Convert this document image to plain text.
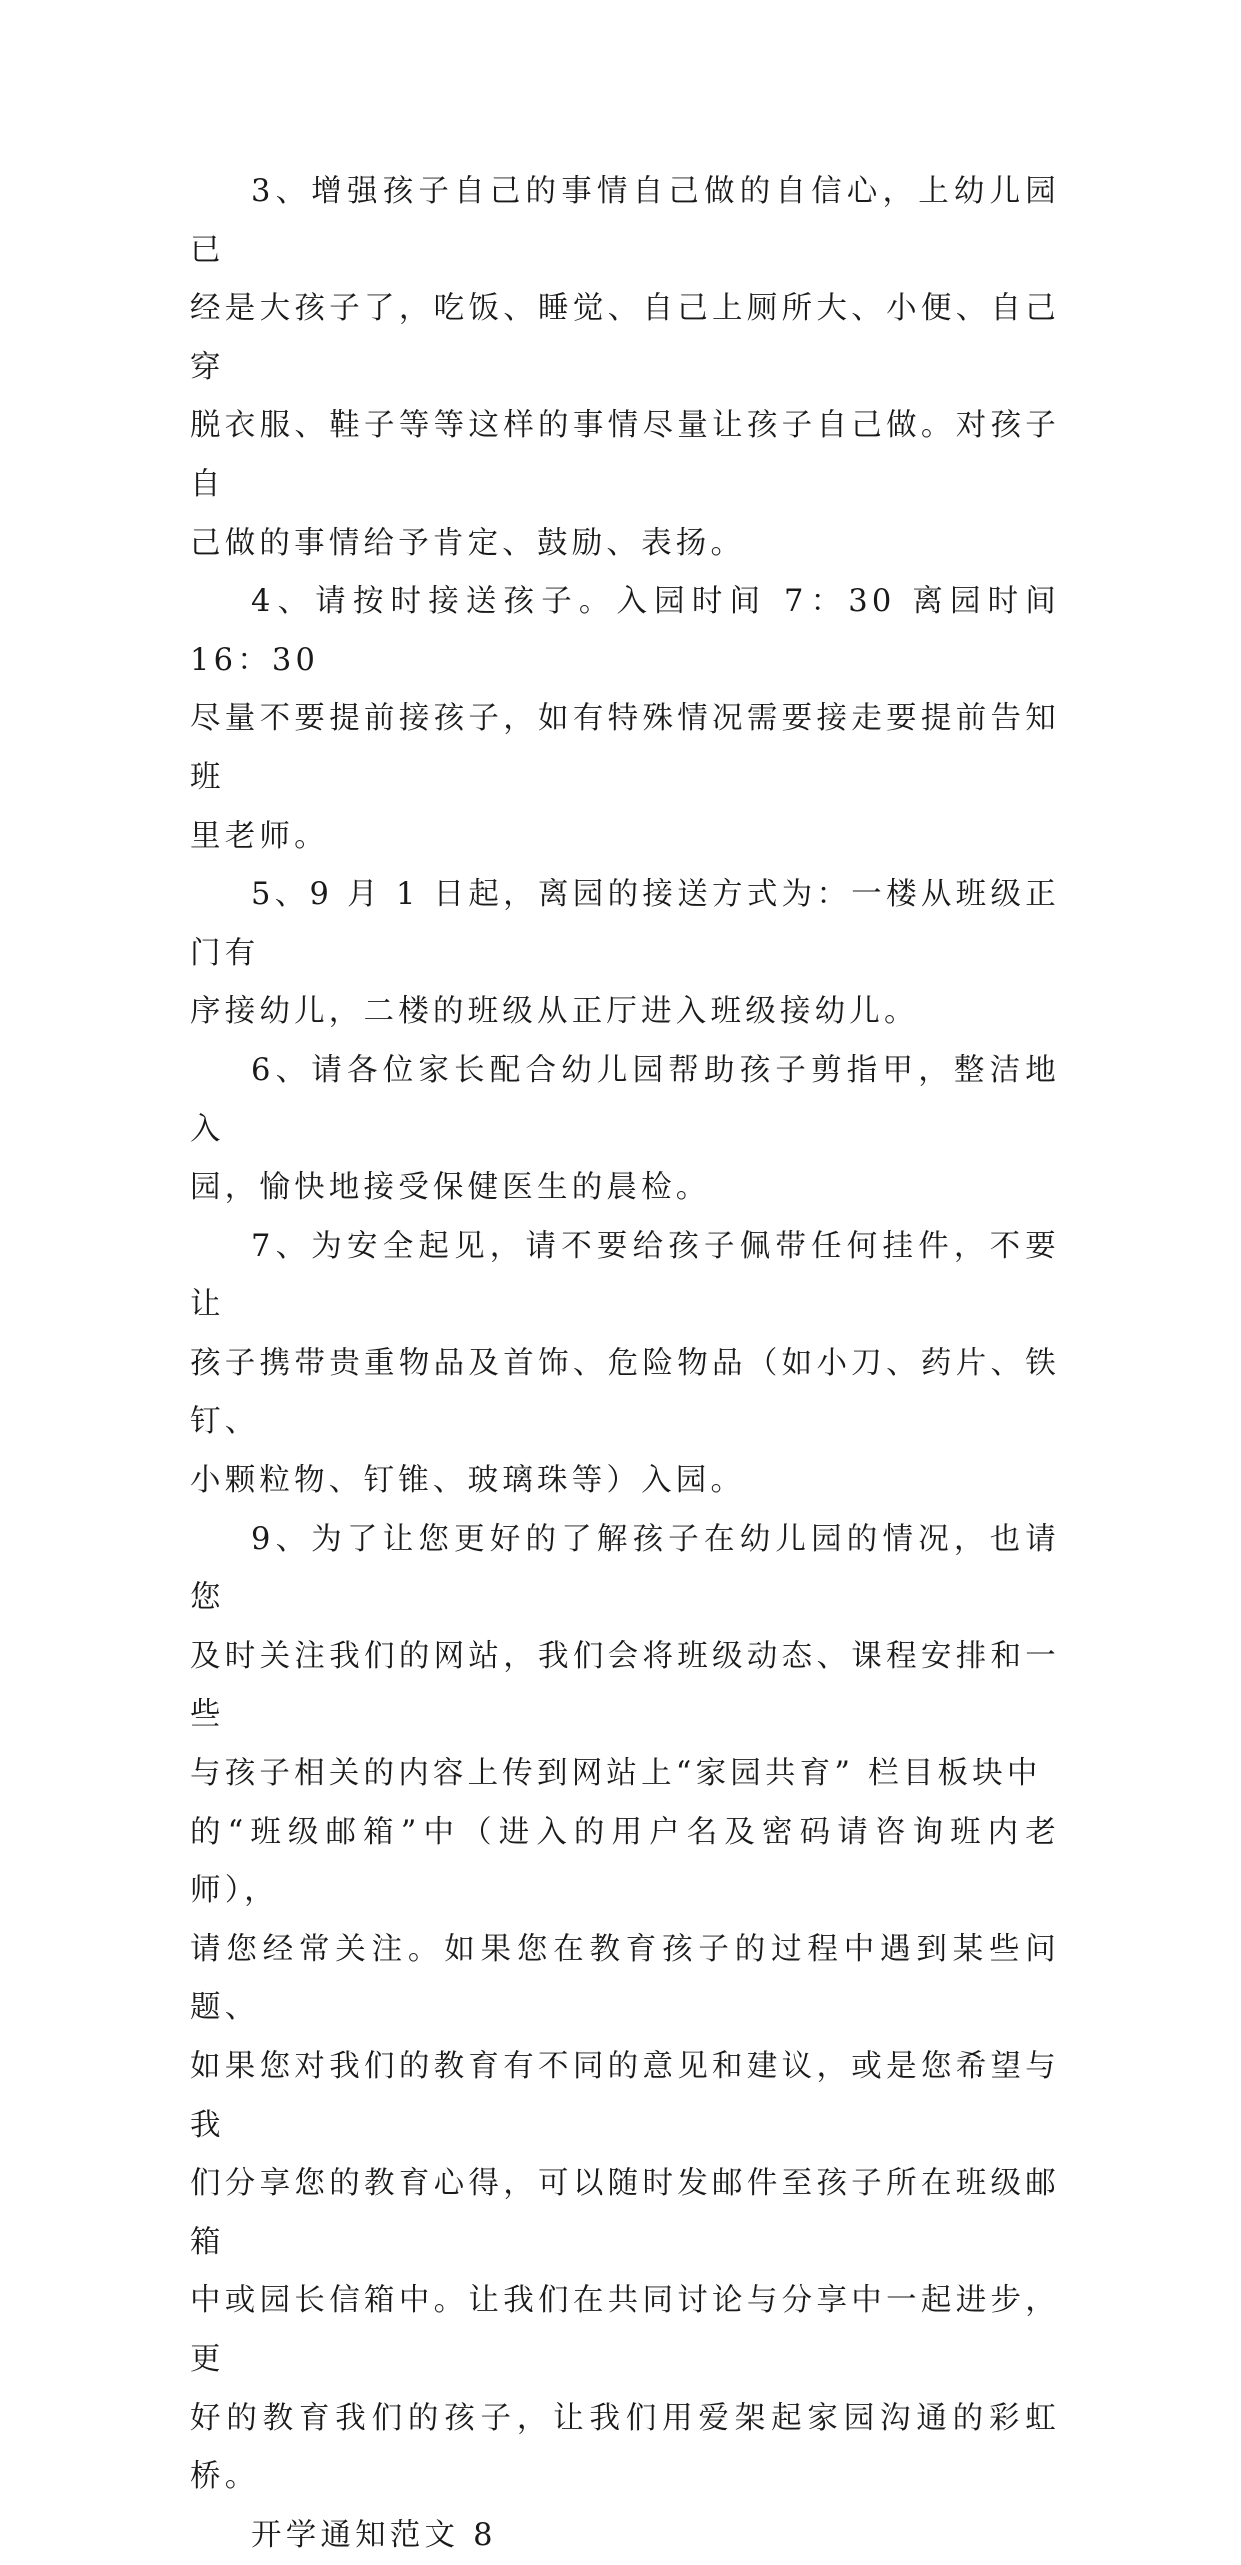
3、增强孩子自己的事情自己做的自信心，上幼儿园已
经是大孩子了，吃饭、睡觉、自己上厕所大、小便、自己穿
脱衣服、鞋子等等这样的事情尽量让孩子自己做。对孩子自
己做的事情给予肯定、鼓励、表扬。
4、请按时接送孩子。入园时间 7：30 离园时间 16：30
尽量不要提前接孩子，如有特殊情况需要接走要提前告知班
里老师。
5、9 月 1 日起，离园的接送方式为：一楼从班级正门有
序接幼儿，二楼的班级从正厅进入班级接幼儿。
6、请各位家长配合幼儿园帮助孩子剪指甲，整洁地入
园，愉快地接受保健医生的晨检。
7、为安全起见，请不要给孩子佩带任何挂件，不要让
孩子携带贵重物品及首饰、危险物品（如小刀、药片、铁钉、
小颗粒物、钉锥、玻璃珠等）入园。
9、为了让您更好的了解孩子在幼儿园的情况，也请您
及时关注我们的网站，我们会将班级动态、课程安排和一些
与孩子相关的内容上传到网站上“家园共育” 栏目板块中
的“班级邮箱”中（进入的用户名及密码请咨询班内老师），
请您经常关注。如果您在教育孩子的过程中遇到某些问题、
如果您对我们的教育有不同的意见和建议，或是您希望与我
们分享您的教育心得，可以随时发邮件至孩子所在班级邮箱
中或园长信箱中。让我们在共同讨论与分享中一起进步，更
好的教育我们的孩子，让我们用爱架起家园沟通的彩虹桥。
开学通知范文 8
